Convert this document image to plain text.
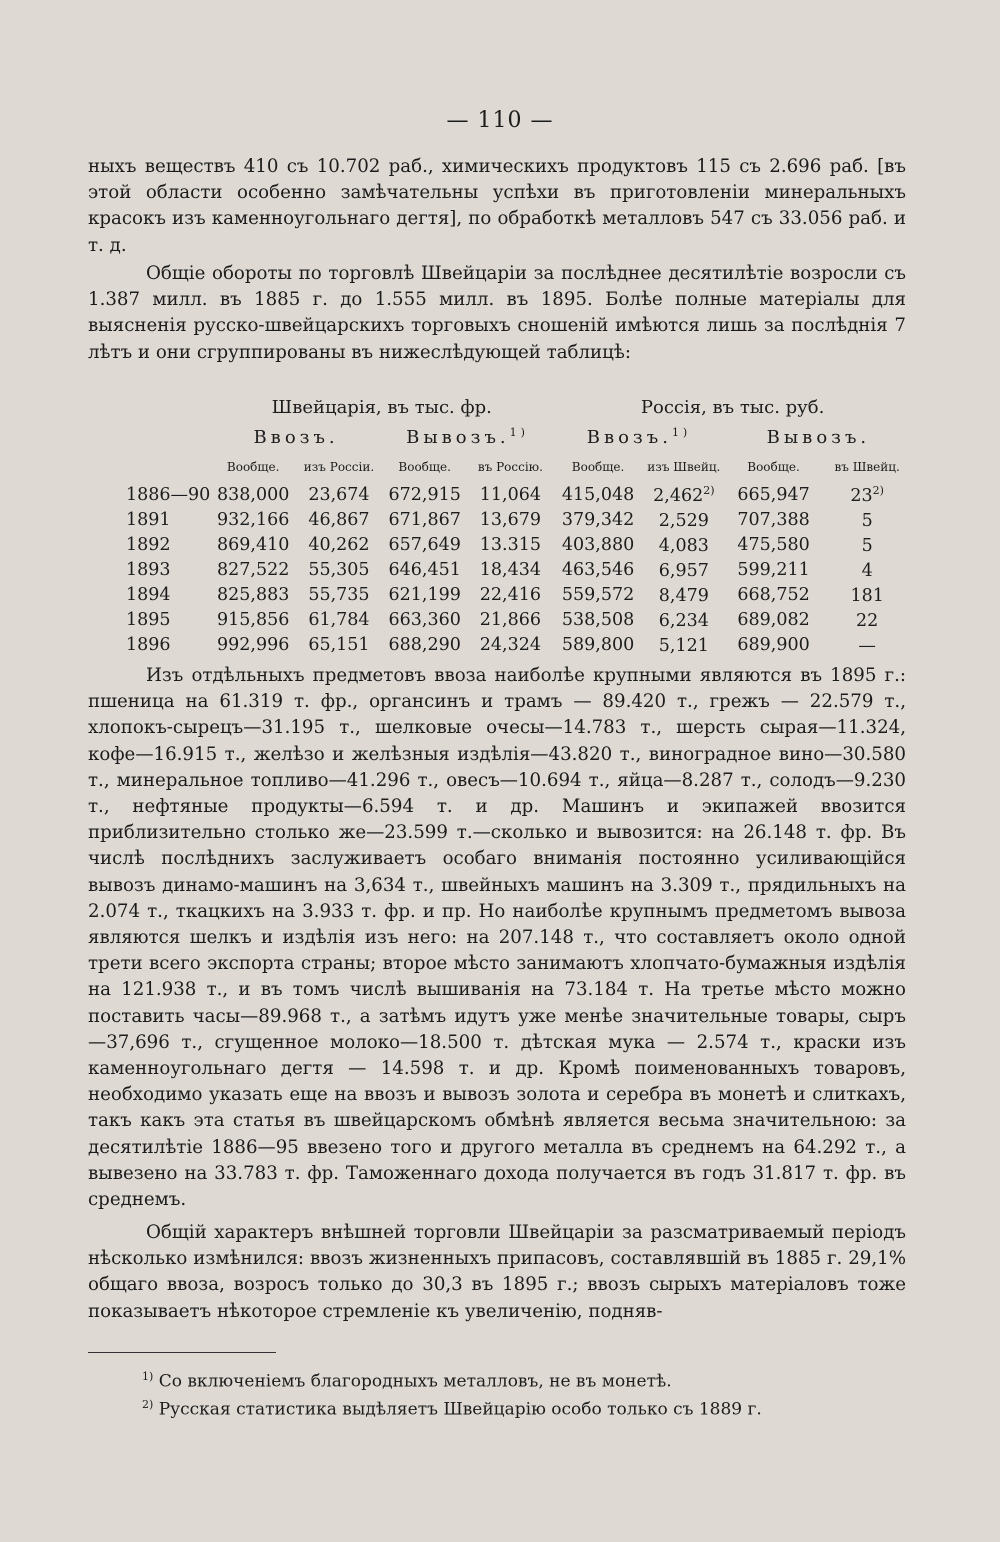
— 110 —

ныхъ веществъ 410 съ 10.702 раб., химическихъ продуктовъ 115 съ 2.696 раб. [въ этой области особенно замѣчательны успѣхи въ приготовленіи минеральныхъ красокъ изъ каменноугольнаго дегтя], по обработкѣ металловъ 547 съ 33.056 раб. и т. д.

Общіе обороты по торговлѣ Швейцаріи за послѣднее десятилѣтіе возросли съ 1.387 милл. въ 1885 г. до 1.555 милл. въ 1895. Болѣе полные матеріалы для выясненія русско-швейцарскихъ торговыхъ сношеній имѣются лишь за послѣднія 7 лѣтъ и они сгруппированы въ нижеслѣдующей таблицѣ:

	Швейцарія, въ тыс. фр.				Россія, въ тыс. руб.			
	Ввозъ.		Вывозъ.$^{1)}$		Ввозъ.$^{1)}$		Вывозъ.	
	Вообще.	изъ Россіи.	Вообще.	въ Россію.	Вообще.	изъ Швейц.	Вообще.	въ Швейц.
1886—90	838,000	23,674	672,915	11,064	415,048	2,462$^{2)}$	665,947	23$^{2)}$
1891	932,166	46,867	671,867	13,679	379,342	2,529	707,388	5
1892	869,410	40,262	657,649	13.315	403,880	4,083	475,580	5
1893	827,522	55,305	646,451	18,434	463,546	6,957	599,211	4
1894	825,883	55,735	621,199	22,416	559,572	8,479	668,752	181
1895	915,856	61,784	663,360	21,866	538,508	6,234	689,082	22
1896	992,996	65,151	688,290	24,324	589,800	5,121	689,900	—

Изъ отдѣльныхъ предметовъ ввоза наиболѣе крупными являются въ 1895 г.: пшеница на 61.319 т. фр., органсинъ и трамъ — 89.420 т., грежъ — 22.579 т., хлопокъ-сырецъ—31.195 т., шелковые очесы—14.783 т., шерсть сырая—11.324, кофе—16.915 т., желѣзо и желѣзныя издѣлія—43.820 т., виноградное вино—30.580 т., минеральное топливо—41.296 т., овесъ—10.694 т., яйца—8.287 т., солодъ—9.230 т., нефтяные продукты—6.594 т. и др. Машинъ и экипажей ввозится приблизительно столько же—23.599 т.—сколько и вывозится: на 26.148 т. фр. Въ числѣ послѣднихъ заслуживаетъ особаго вниманія постоянно усиливающійся вывозъ динамо-машинъ на 3,634 т., швейныхъ машинъ на 3.309 т., прядильныхъ на 2.074 т., ткацкихъ на 3.933 т. фр. и пр. Но наиболѣе крупнымъ предметомъ вывоза являются шелкъ и издѣлія изъ него: на 207.148 т., что составляетъ около одной трети всего экспорта страны; второе мѣсто занимаютъ хлопчато-бумажныя издѣлія на 121.938 т., и въ томъ числѣ вышиванія на 73.184 т. На третье мѣсто можно поставить часы—89.968 т., а затѣмъ идутъ уже менѣе значительные товары, сыръ —37,696 т., сгущенное молоко—18.500 т. дѣтская мука — 2.574 т., краски изъ каменноугольнаго дегтя — 14.598 т. и др. Кромѣ поименованныхъ товаровъ, необходимо указать еще на ввозъ и вывозъ золота и серебра въ монетѣ и слиткахъ, такъ какъ эта статья въ швейцарскомъ обмѣнѣ является весьма значительною: за десятилѣтіе 1886—95 ввезено того и другого металла въ среднемъ на 64.292 т., а вывезено на 33.783 т. фр. Таможеннаго дохода получается въ годъ 31.817 т. фр. въ среднемъ.

Общій характеръ внѣшней торговли Швейцаріи за разсматриваемый періодъ нѣсколько измѣнился: ввозъ жизненныхъ припасовъ, составлявшій въ 1885 г. 29,1% общаго ввоза, возросъ только до 30,3 въ 1895 г.; ввозъ сырыхъ матеріаловъ тоже показываетъ нѣкоторое стремленіе къ увеличенію, подняв-

$^{1)}$ Со включеніемъ благородныхъ металловъ, не въ монетѣ.

$^{2)}$ Русская статистика выдѣляетъ Швейцарію особо только съ 1889 г.
